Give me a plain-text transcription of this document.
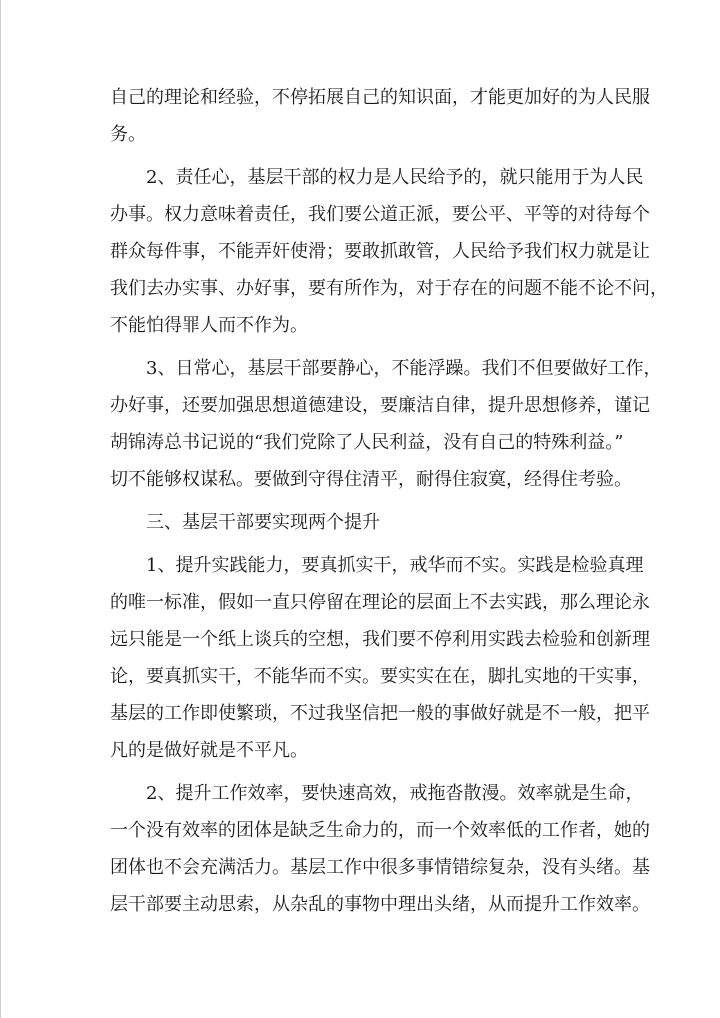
自己的理论和经验，不停拓展自己的知识面，才能更加好的为人民服

务。

2、责任心，基层干部的权力是人民给予的，就只能用于为人民

办事。权力意味着责任，我们要公道正派，要公平、平等的对待每个

群众每件事，不能弄奸使滑；要敢抓敢管，人民给予我们权力就是让

我们去办实事、办好事，要有所作为，对于存在的问题不能不论不问，

不能怕得罪人而不作为。

3、日常心，基层干部要静心，不能浮躁。我们不但要做好工作，

办好事，还要加强思想道德建设，要廉洁自律，提升思想修养，谨记

胡锦涛总书记说的“我们党除了人民利益，没有自己的特殊利益。”

切不能够权谋私。要做到守得住清平，耐得住寂寞，经得住考验。

三、基层干部要实现两个提升

1、提升实践能力，要真抓实干，戒华而不实。实践是检验真理

的唯一标准，假如一直只停留在理论的层面上不去实践，那么理论永

远只能是一个纸上谈兵的空想，我们要不停利用实践去检验和创新理

论，要真抓实干，不能华而不实。要实实在在，脚扎实地的干实事，

基层的工作即使繁琐，不过我坚信把一般的事做好就是不一般，把平

凡的是做好就是不平凡。

2、提升工作效率，要快速高效，戒拖沓散漫。效率就是生命，

一个没有效率的团体是缺乏生命力的，而一个效率低的工作者，她的

团体也不会充满活力。基层工作中很多事情错综复杂，没有头绪。基

层干部要主动思索，从杂乱的事物中理出头绪，从而提升工作效率。
